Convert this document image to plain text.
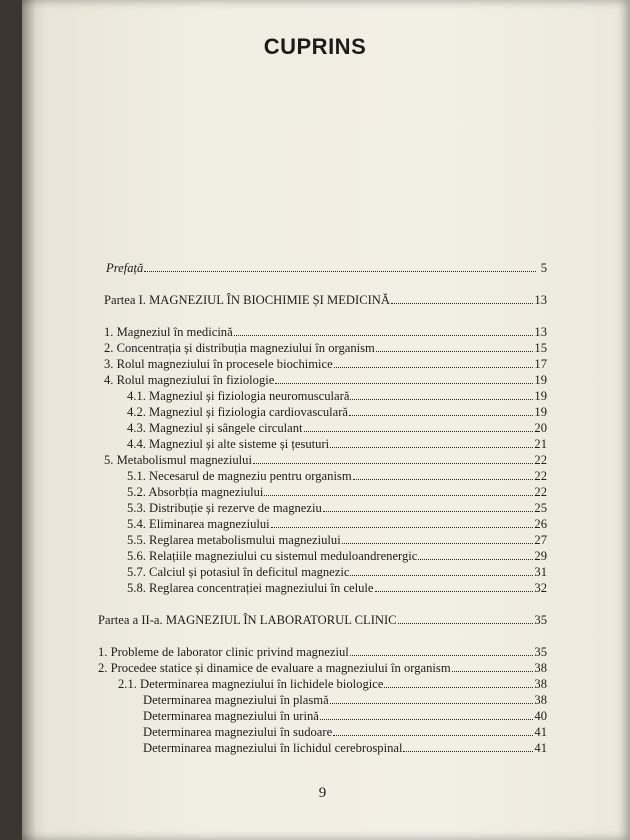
CUPRINS
Prefață	5
Partea I. MAGNEZIUL ÎN BIOCHIMIE ȘI MEDICINĂ	13
1. Magneziul în medicină	13
2. Concentrația și distribuția magneziului în organism	15
3. Rolul magneziului în procesele biochimice	17
4. Rolul magneziului în fiziologie	19
4.1. Magneziul și fiziologia neuromusculară	19
4.2. Magneziul și fiziologia cardiovasculară	19
4.3. Magneziul și sângele circulant	20
4.4. Magneziul și alte sisteme și țesuturi	21
5. Metabolismul magneziului	22
5.1. Necesarul de magneziu pentru organism	22
5.2. Absorbția magneziului	22
5.3. Distribuție și rezerve de magneziu	25
5.4. Eliminarea magneziului	26
5.5. Reglarea metabolismului magneziului	27
5.6. Relațiile magneziului cu sistemul meduloandrenergic	29
5.7. Calciul și potasiul în deficitul magnezic	31
5.8. Reglarea concentrației magneziului în celule	32
Partea a II-a. MAGNEZIUL ÎN LABORATORUL CLINIC	35
1. Probleme de laborator clinic privind magneziul	35
2. Procedee statice și dinamice de evaluare a magneziului în organism	38
2.1. Determinarea magneziului în lichidele biologice	38
Determinarea magneziului în plasmă	38
Determinarea magneziului în urină	40
Determinarea magneziului în sudoare	41
Determinarea magneziului în lichidul cerebrospinal	41
9
